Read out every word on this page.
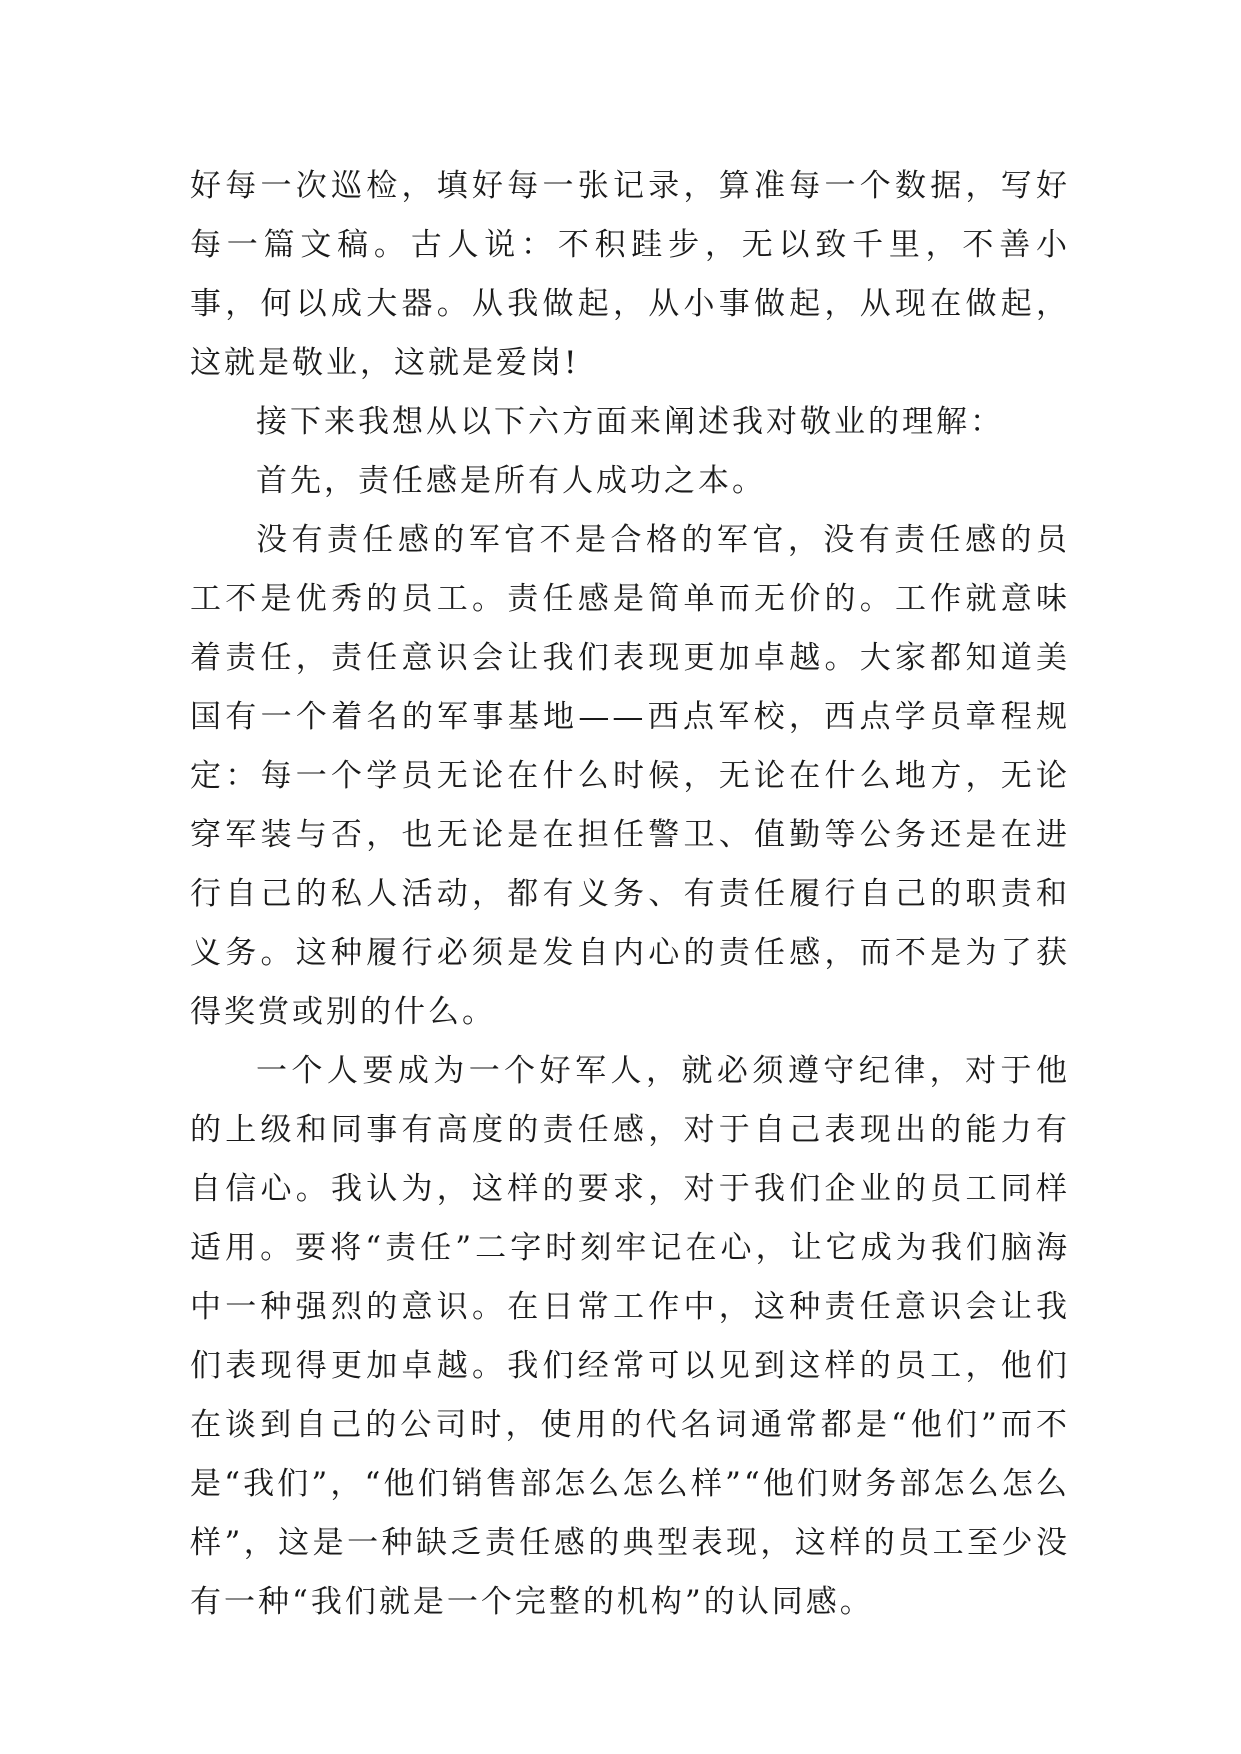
好每一次巡检，填好每一张记录，算准每一个数据，写好每一篇文稿。古人说：不积跬步，无以致千里，不善小事，何以成大器。从我做起，从小事做起，从现在做起，这就是敬业，这就是爱岗!

接下来我想从以下六方面来阐述我对敬业的理解：

首先，责任感是所有人成功之本。

没有责任感的军官不是合格的军官，没有责任感的员工不是优秀的员工。责任感是简单而无价的。工作就意味着责任，责任意识会让我们表现更加卓越。大家都知道美国有一个着名的军事基地——西点军校，西点学员章程规定：每一个学员无论在什么时候，无论在什么地方，无论穿军装与否，也无论是在担任警卫、值勤等公务还是在进行自己的私人活动，都有义务、有责任履行自己的职责和义务。这种履行必须是发自内心的责任感，而不是为了获得奖赏或别的什么。

一个人要成为一个好军人，就必须遵守纪律，对于他的上级和同事有高度的责任感，对于自己表现出的能力有自信心。我认为，这样的要求，对于我们企业的员工同样适用。要将“责任”二字时刻牢记在心，让它成为我们脑海中一种强烈的意识。在日常工作中，这种责任意识会让我们表现得更加卓越。我们经常可以见到这样的员工，他们在谈到自己的公司时，使用的代名词通常都是“他们”而不是“我们”，“他们销售部怎么怎么样”“他们财务部怎么怎么样”，这是一种缺乏责任感的典型表现，这样的员工至少没有一种“我们就是一个完整的机构”的认同感。
